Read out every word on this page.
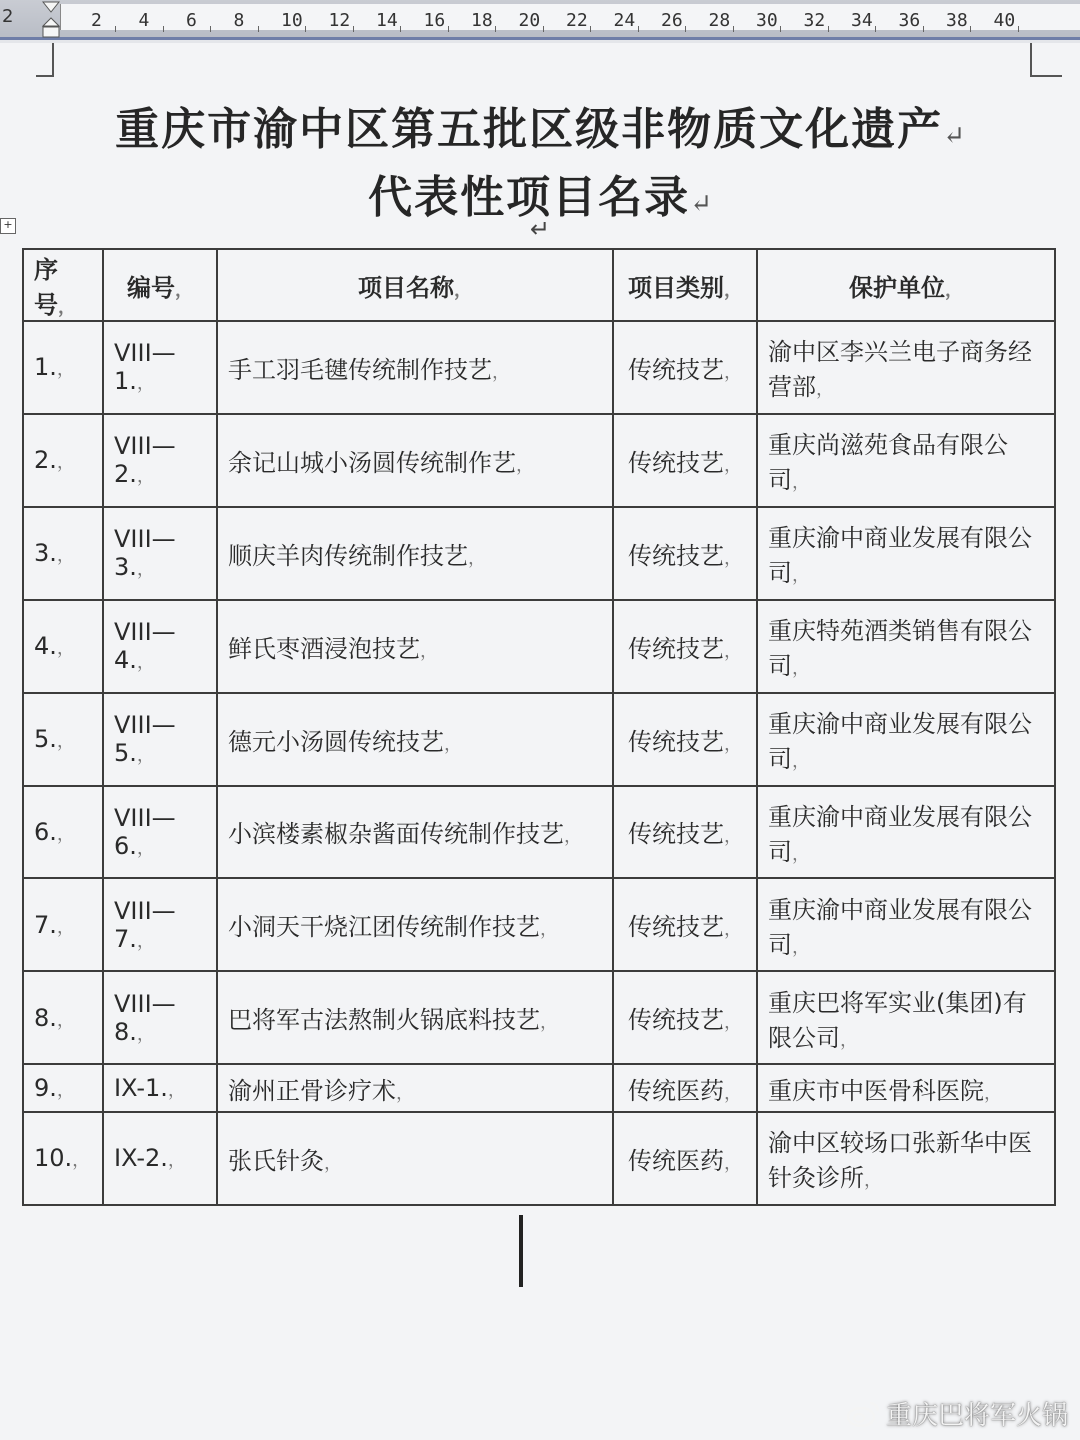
2	2 4 6 8 10 12 14 16 18 20 22 24 26 28 30 32 34 36 38 40
重庆市渝中区第五批区级非物质文化遗产↵
代表性项目名录↵
↵
+
序号，	编号，	项目名称，	项目类别，	保护单位，
1.，	VIII—1.，	手工羽毛毽传统制作技艺，	传统技艺，	渝中区李兴兰电子商务经营部，
2.，	VIII—2.，	余记山城小汤圆传统制作艺，	传统技艺，	重庆尚滋苑食品有限公司，
3.，	VIII—3.，	顺庆羊肉传统制作技艺，	传统技艺，	重庆渝中商业发展有限公司，
4.，	VIII—4.，	鲜氏枣酒浸泡技艺，	传统技艺，	重庆特苑酒类销售有限公司，
5.，	VIII—5.，	德元小汤圆传统技艺，	传统技艺，	重庆渝中商业发展有限公司，
6.，	VIII—6.，	小滨楼素椒杂酱面传统制作技艺，	传统技艺，	重庆渝中商业发展有限公司，
7.，	VIII—7.，	小洞天干烧江团传统制作技艺，	传统技艺，	重庆渝中商业发展有限公司，
8.，	VIII—8.，	巴将军古法熬制火锅底料技艺，	传统技艺，	重庆巴将军实业(集团)有限公司，
9.，	IX-1.，	渝州正骨诊疗术，	传统医药，	重庆市中医骨科医院，
10.，	IX-2.，	张氏针灸，	传统医药，	渝中区较场口张新华中医针灸诊所，
重庆巴将军火锅
